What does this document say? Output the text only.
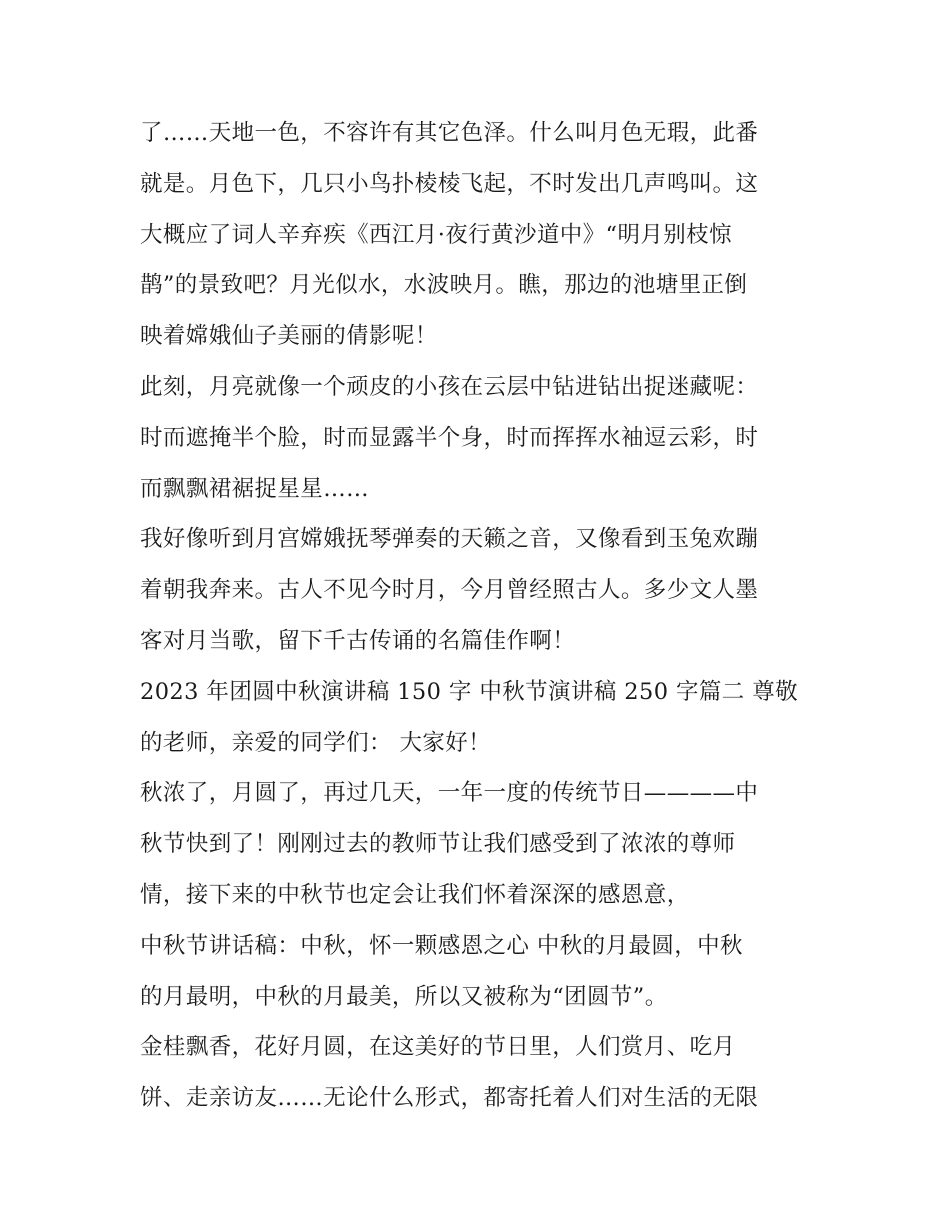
了……天地一色，不容许有其它色泽。什么叫月色无瑕，此番
就是。月色下，几只小鸟扑棱棱飞起，不时发出几声鸣叫。这
大概应了词人辛弃疾《西江月·夜行黄沙道中》“明月别枝惊
鹊”的景致吧？月光似水，水波映月。瞧，那边的池塘里正倒
映着嫦娥仙子美丽的倩影呢！
此刻，月亮就像一个顽皮的小孩在云层中钻进钻出捉迷藏呢：
时而遮掩半个脸，时而显露半个身，时而挥挥水袖逗云彩，时
而飘飘裙裾捉星星……
我好像听到月宫嫦娥抚琴弹奏的天籁之音，又像看到玉兔欢蹦
着朝我奔来。古人不见今时月，今月曾经照古人。多少文人墨
客对月当歌，留下千古传诵的名篇佳作啊！
2023 年团圆中秋演讲稿 150 字 中秋节演讲稿 250 字篇二 尊敬
的老师，亲爱的同学们： 大家好！
秋浓了，月圆了，再过几天，一年一度的传统节日————中
秋节快到了！刚刚过去的教师节让我们感受到了浓浓的尊师
情，接下来的中秋节也定会让我们怀着深深的感恩意，
中秋节讲话稿：中秋，怀一颗感恩之心 中秋的月最圆，中秋
的月最明，中秋的月最美，所以又被称为“团圆节”。
金桂飘香，花好月圆，在这美好的节日里，人们赏月、吃月
饼、走亲访友……无论什么形式，都寄托着人们对生活的无限
